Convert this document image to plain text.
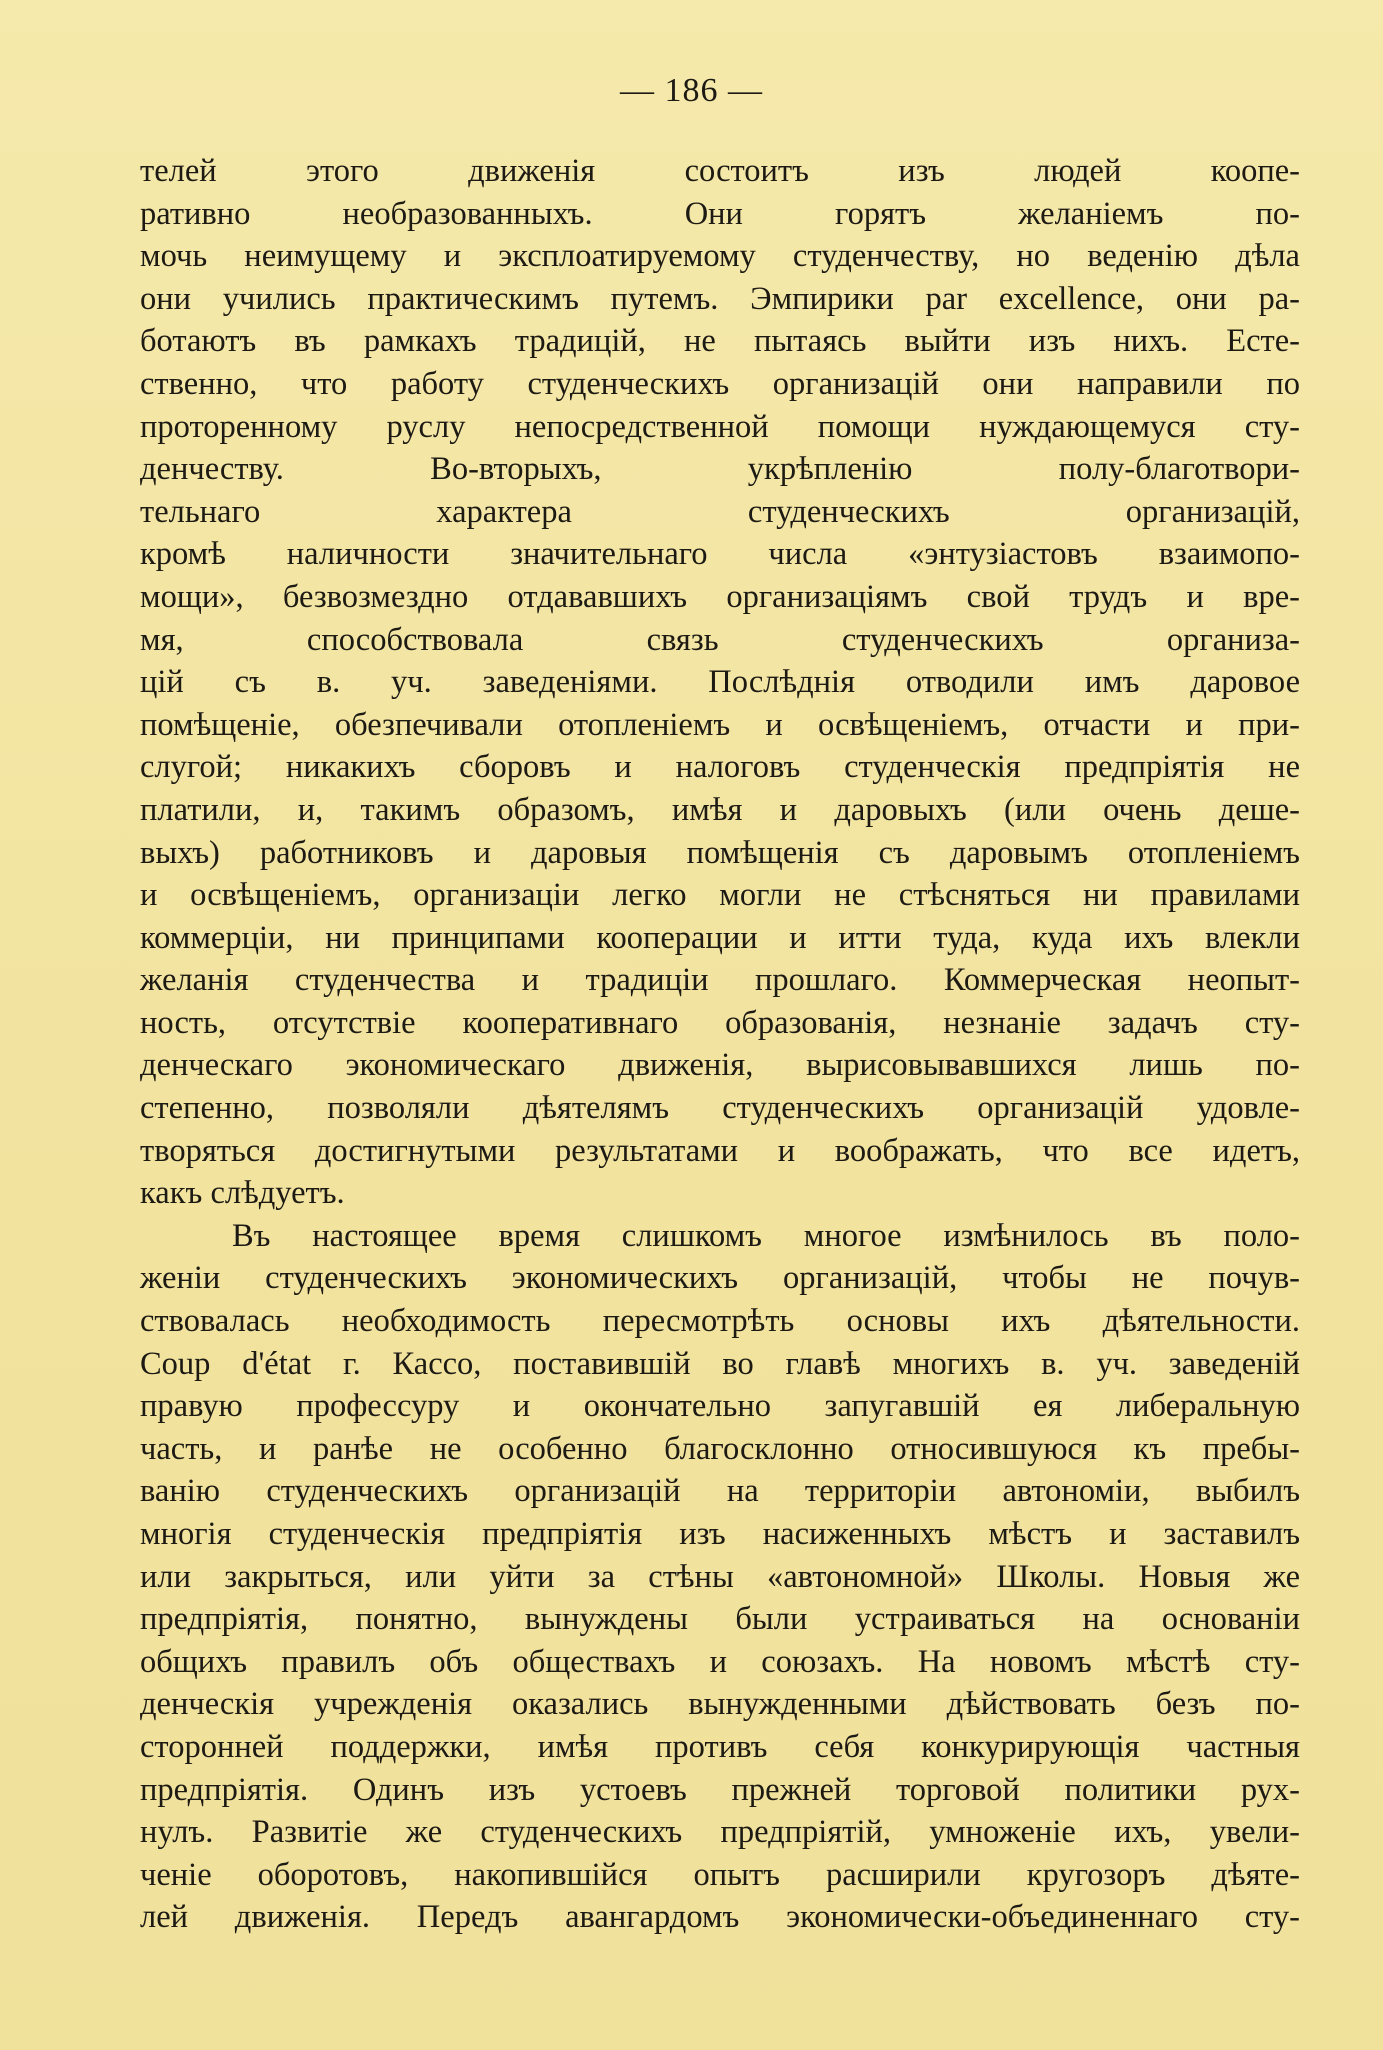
— 186 —
телей этого движенія состоитъ изъ людей коопе-
ративно необразованныхъ. Они горятъ желаніемъ по-
мочь неимущему и эксплоатируемому студенчеству, но веденію дѣла
они учились практическимъ путемъ. Эмпирики par excellence, они ра-
ботаютъ въ рамкахъ традицій, не пытаясь выйти изъ нихъ. Есте-
ственно, что работу студенческихъ организацій они направили по
проторенному руслу непосредственной помощи нуждающемуся сту-
денчеству. Во-вторыхъ, укрѣпленію полу-благотвори-
тельнаго характера студенческихъ организацій,
кромѣ наличности значительнаго числа «энтузіастовъ взаимопо-
мощи», безвозмездно отдававшихъ организаціямъ свой трудъ и вре-
мя, способствовала связь студенческихъ организа-
цій съ в. уч. заведеніями. Послѣднія отводили имъ даровое
помѣщеніе, обезпечивали отопленіемъ и освѣщеніемъ, отчасти и при-
слугой; никакихъ сборовъ и налоговъ студенческія предпріятія не
платили, и, такимъ образомъ, имѣя и даровыхъ (или очень деше-
выхъ) работниковъ и даровыя помѣщенія съ даровымъ отопленіемъ
и освѣщеніемъ, организаціи легко могли не стѣсняться ни правилами
коммерціи, ни принципами кооперации и итти туда, куда ихъ влекли
желанія студенчества и традиціи прошлаго. Коммерческая неопыт-
ность, отсутствіе кооперативнаго образованія, незнаніе задачъ сту-
денческаго экономическаго движенія, вырисовывавшихся лишь по-
степенно, позволяли дѣятелямъ студенческихъ организацій удовле-
творяться достигнутыми результатами и воображать, что все идетъ,
какъ слѣдуетъ.
Въ настоящее время слишкомъ многое измѣнилось въ поло-
женіи студенческихъ экономическихъ организацій, чтобы не почув-
ствовалась необходимость пересмотрѣть основы ихъ дѣятельности.
Coup d'état г. Кассо, поставившій во главѣ многихъ в. уч. заведеній
правую профессуру и окончательно запугавшій ея либеральную
часть, и ранѣе не особенно благосклонно относившуюся къ пребы-
ванію студенческихъ организацій на территоріи автономіи, выбилъ
многія студенческія предпріятія изъ насиженныхъ мѣстъ и заставилъ
или закрыться, или уйти за стѣны «автономной» Школы. Новыя же
предпріятія, понятно, вынуждены были устраиваться на основаніи
общихъ правилъ объ обществахъ и союзахъ. На новомъ мѣстѣ сту-
денческія учрежденія оказались вынужденными дѣйствовать безъ по-
сторонней поддержки, имѣя противъ себя конкурирующія частныя
предпріятія. Одинъ изъ устоевъ прежней торговой политики рух-
нулъ. Развитіе же студенческихъ предпріятій, умноженіе ихъ, увели-
ченіе оборотовъ, накопившійся опытъ расширили кругозоръ дѣяте-
лей движенія. Передъ авангардомъ экономически-объединеннаго сту-
